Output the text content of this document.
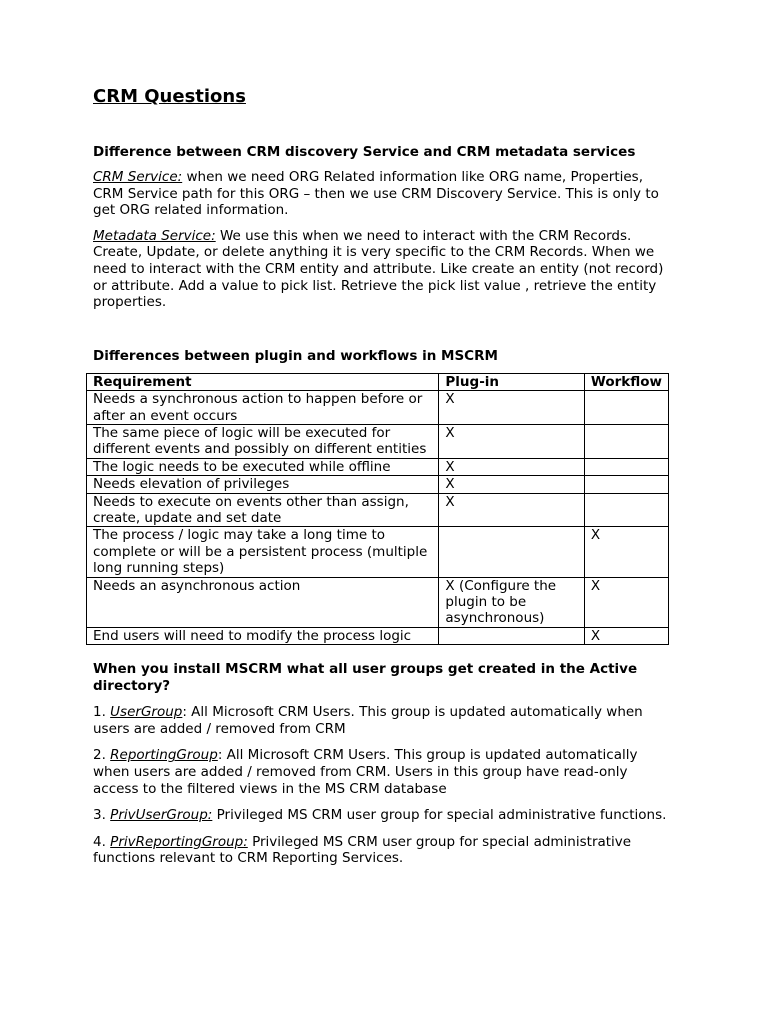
CRM Questions
Difference between CRM discovery Service and CRM metadata services

CRM Service: when we need ORG Related information like ORG name, Properties, CRM Service path for this ORG – then we use CRM Discovery Service. This is only to get ORG related information.

Metadata Service: We use this when we need to interact with the CRM Records. Create, Update, or delete anything it is very specific to the CRM Records. When we need to interact with the CRM entity and attribute. Like create an entity (not record) or attribute. Add a value to pick list. Retrieve the pick list value , retrieve the entity properties.

Differences between plugin and workflows in MSCRM
Requirement	Plug-in	Workflow
Needs a synchronous action to happen before or after an event occurs	X	
The same piece of logic will be executed for different events and possibly on different entities	X	
The logic needs to be executed while offline	X	
Needs elevation of privileges	X	
Needs to execute on events other than assign, create, update and set date	X	
The process / logic may take a long time to complete or will be a persistent process (multiple long running steps)		X
Needs an asynchronous action	X (Configure the plugin to be asynchronous)	X
End users will need to modify the process logic		X
When you install MSCRM what all user groups get created in the Active directory?

1. UserGroup: All Microsoft CRM Users. This group is updated automatically when users are added / removed from CRM

2. ReportingGroup: All Microsoft CRM Users. This group is updated automatically when users are added / removed from CRM. Users in this group have read-only access to the filtered views in the MS CRM database

3. PrivUserGroup: Privileged MS CRM user group for special administrative functions.

4. PrivReportingGroup: Privileged MS CRM user group for special administrative functions relevant to CRM Reporting Services.
